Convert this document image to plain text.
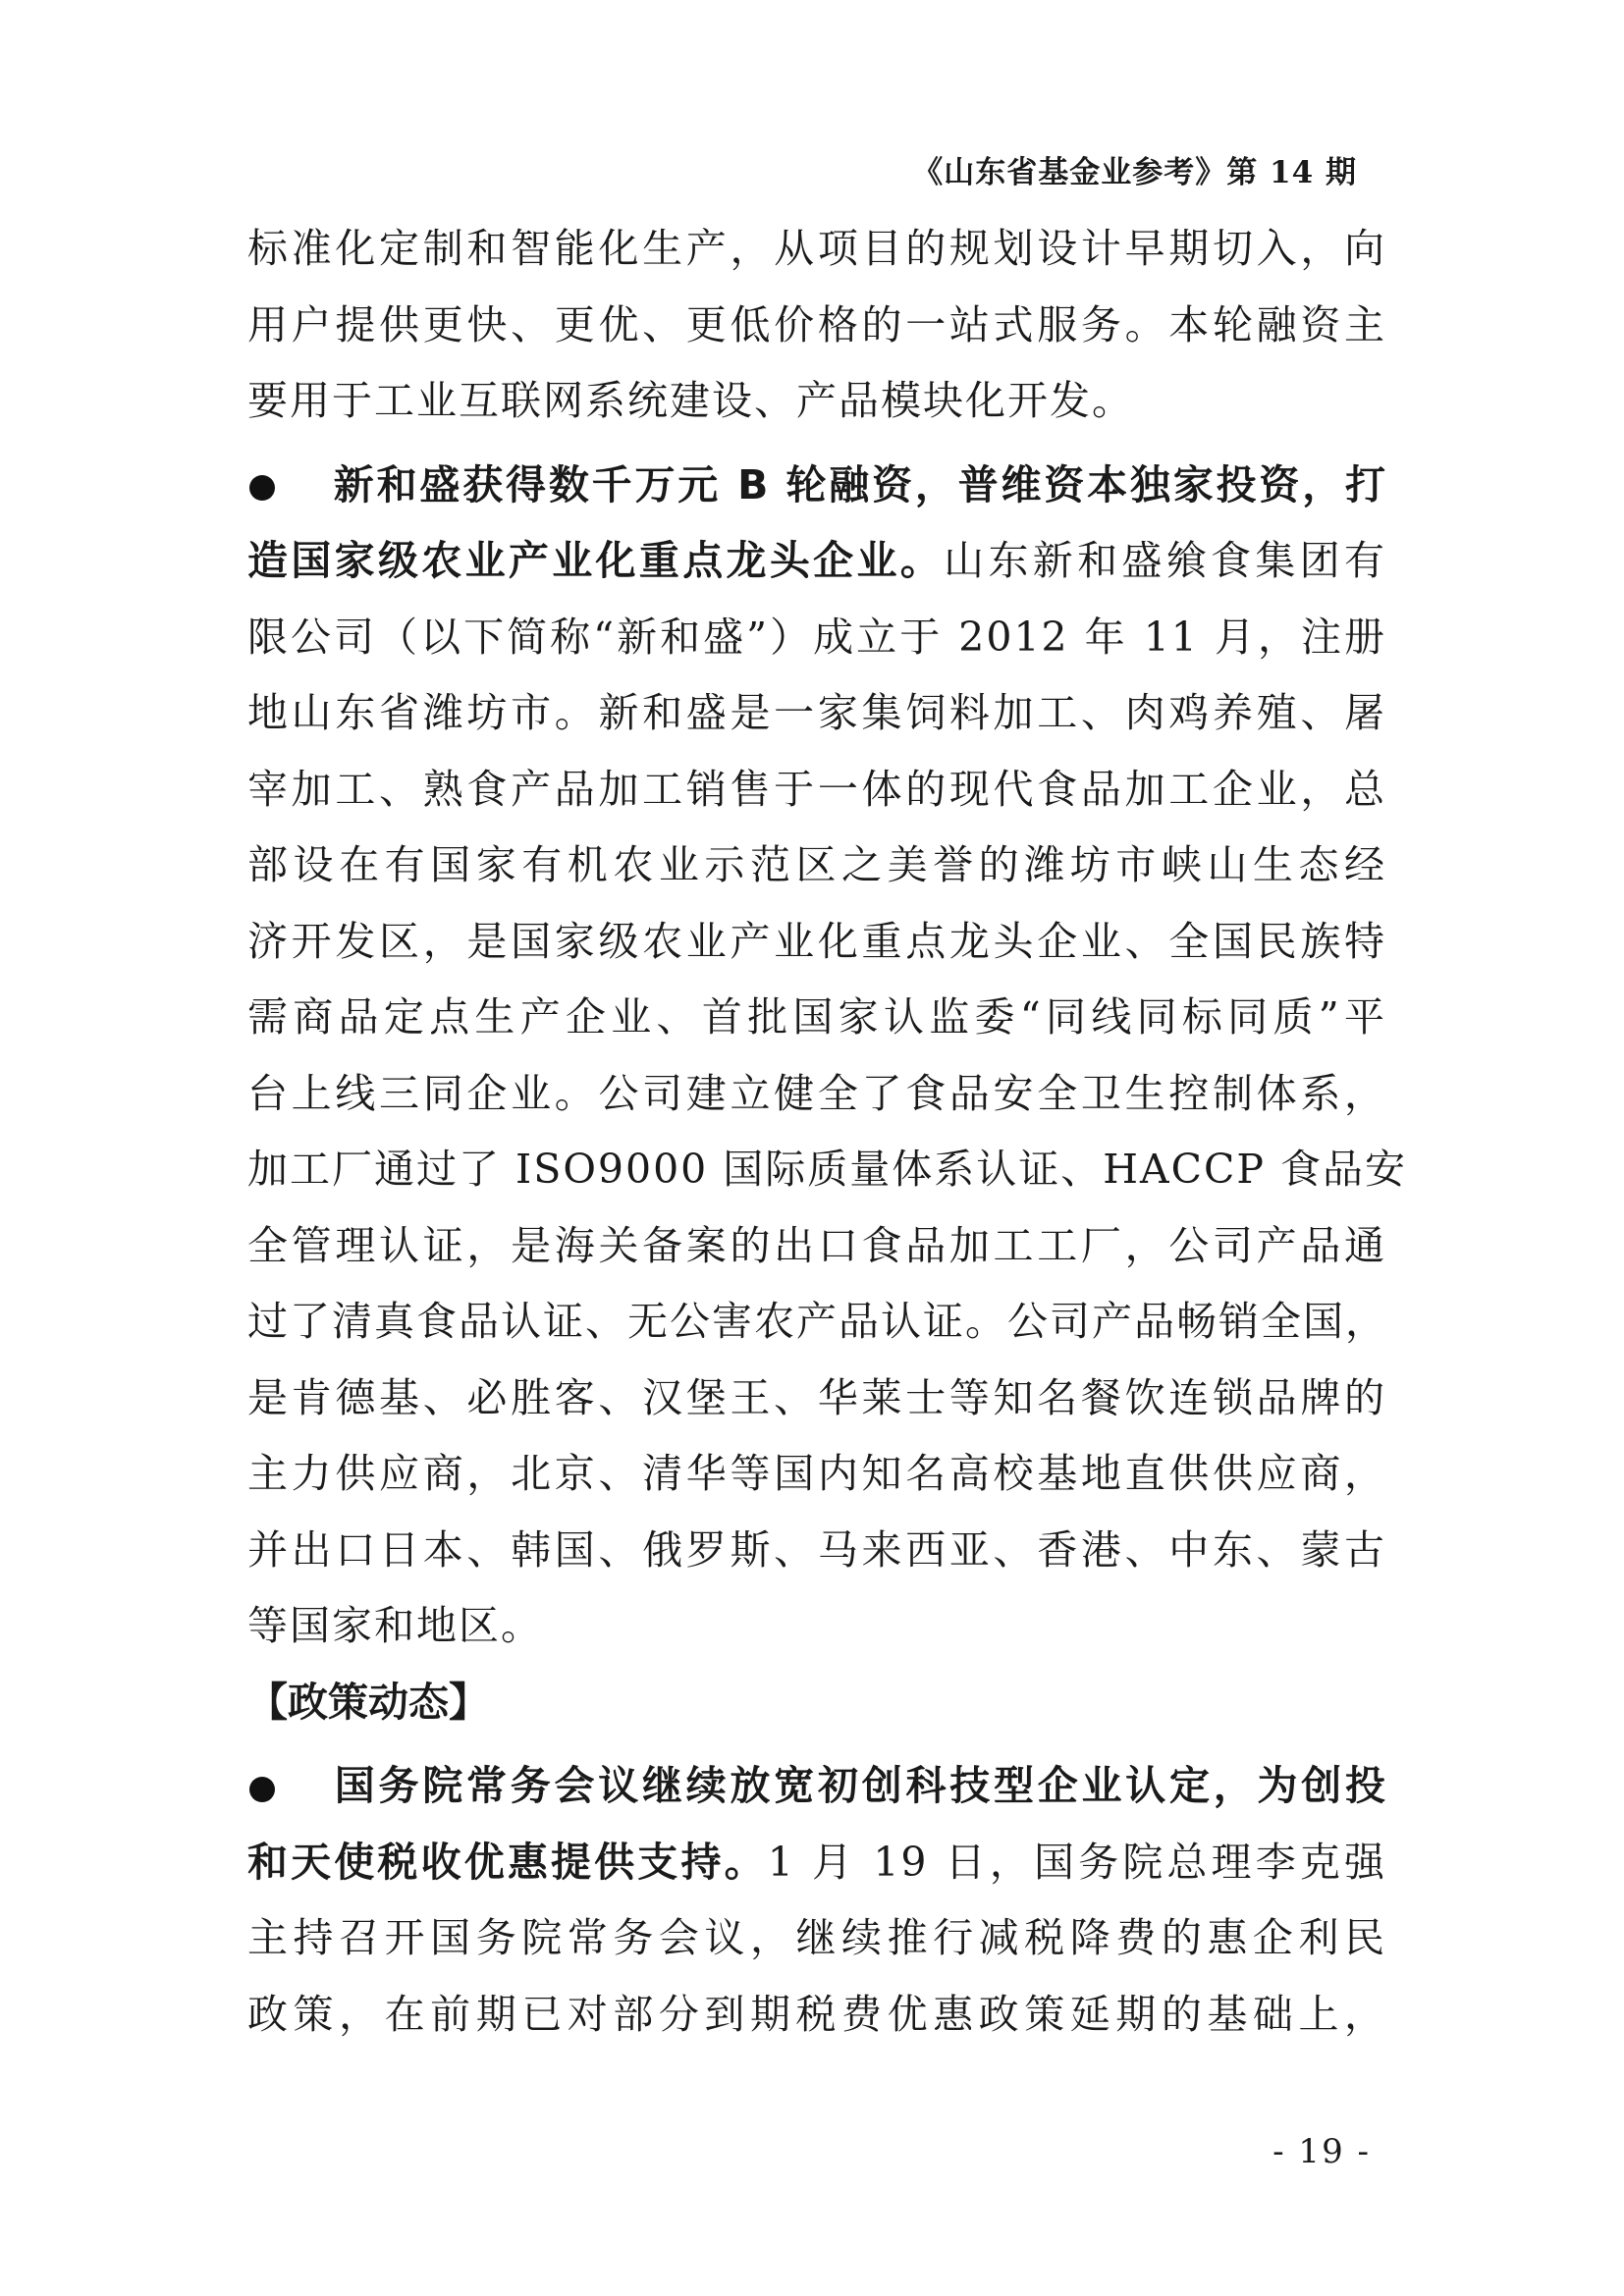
《山东省基金业参考》第 14 期
标准化定制和智能化生产，从项目的规划设计早期切入，向
用户提供更快、更优、更低价格的一站式服务。本轮融资主
要用于工业互联网系统建设、产品模块化开发。
新和盛获得数千万元 B 轮融资，普维资本独家投资，打
造国家级农业产业化重点龙头企业。山东新和盛飨食集团有
限公司（以下简称“新和盛”）成立于 2012 年 11 月，注册
地山东省潍坊市。新和盛是一家集饲料加工、肉鸡养殖、屠
宰加工、熟食产品加工销售于一体的现代食品加工企业，总
部设在有国家有机农业示范区之美誉的潍坊市峡山生态经
济开发区，是国家级农业产业化重点龙头企业、全国民族特
需商品定点生产企业、首批国家认监委“同线同标同质”平
台上线三同企业。公司建立健全了食品安全卫生控制体系，
加工厂通过了 ISO9000 国际质量体系认证、HACCP 食品安
全管理认证，是海关备案的出口食品加工工厂，公司产品通
过了清真食品认证、无公害农产品认证。公司产品畅销全国，
是肯德基、必胜客、汉堡王、华莱士等知名餐饮连锁品牌的
主力供应商，北京、清华等国内知名高校基地直供供应商，
并出口日本、韩国、俄罗斯、马来西亚、香港、中东、蒙古
等国家和地区。
【政策动态】
国务院常务会议继续放宽初创科技型企业认定，为创投
和天使税收优惠提供支持。1 月 19 日，国务院总理李克强
主持召开国务院常务会议，继续推行减税降费的惠企利民
政策，在前期已对部分到期税费优惠政策延期的基础上，
- 19 -
